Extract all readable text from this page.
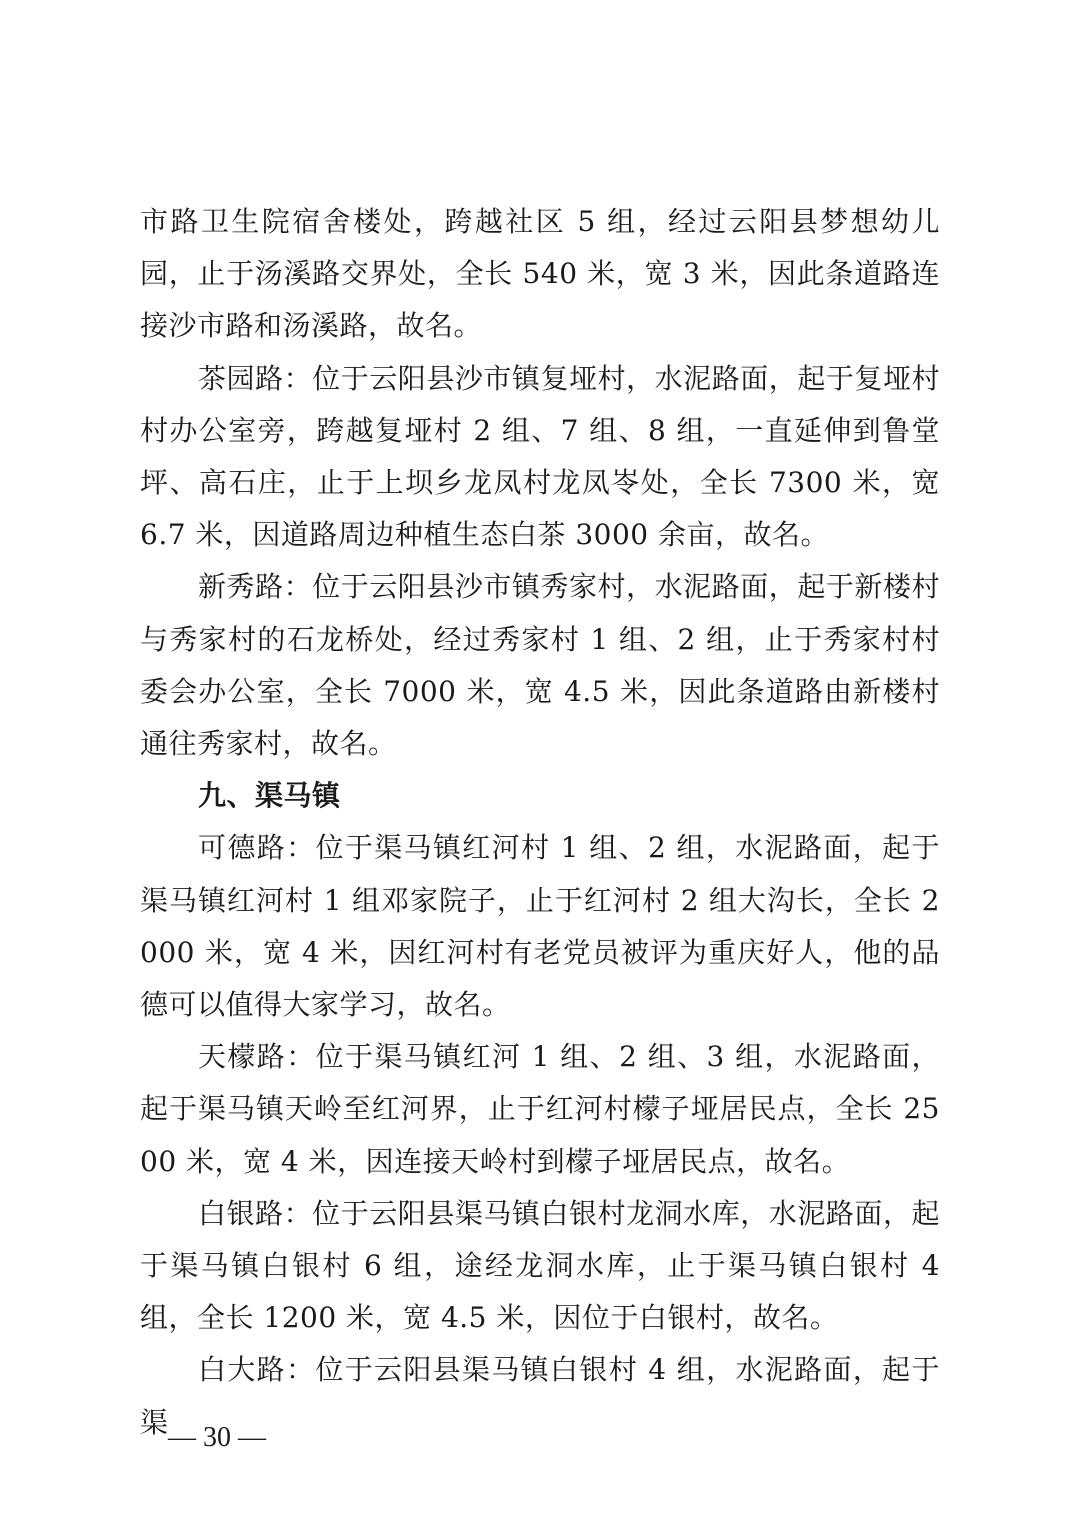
市路卫生院宿舍楼处，跨越社区 5 组，经过云阳县梦想幼儿园，止于汤溪路交界处，全长 540 米，宽 3 米，因此条道路连接沙市路和汤溪路，故名。

茶园路：位于云阳县沙市镇复垭村，水泥路面，起于复垭村村办公室旁，跨越复垭村 2 组、7 组、8 组，一直延伸到鲁堂坪、高石庄，止于上坝乡龙凤村龙凤岺处，全长 7300 米，宽 6.7 米，因道路周边种植生态白茶 3000 余亩，故名。

新秀路：位于云阳县沙市镇秀家村，水泥路面，起于新楼村与秀家村的石龙桥处，经过秀家村 1 组、2 组，止于秀家村村委会办公室，全长 7000 米，宽 4.5 米，因此条道路由新楼村通往秀家村，故名。

九、渠马镇

可德路：位于渠马镇红河村 1 组、2 组，水泥路面，起于渠马镇红河村 1 组邓家院子，止于红河村 2 组大沟长，全长 2000 米，宽 4 米，因红河村有老党员被评为重庆好人，他的品德可以值得大家学习，故名。

天檬路：位于渠马镇红河 1 组、2 组、3 组，水泥路面，起于渠马镇天岭至红河界，止于红河村檬子垭居民点，全长 2500 米，宽 4 米，因连接天岭村到檬子垭居民点，故名。

白银路：位于云阳县渠马镇白银村龙洞水库，水泥路面，起于渠马镇白银村 6 组，途经龙洞水库，止于渠马镇白银村 4 组，全长 1200 米，宽 4.5 米，因位于白银村，故名。

白大路：位于云阳县渠马镇白银村 4 组，水泥路面，起于渠 — 30 —
